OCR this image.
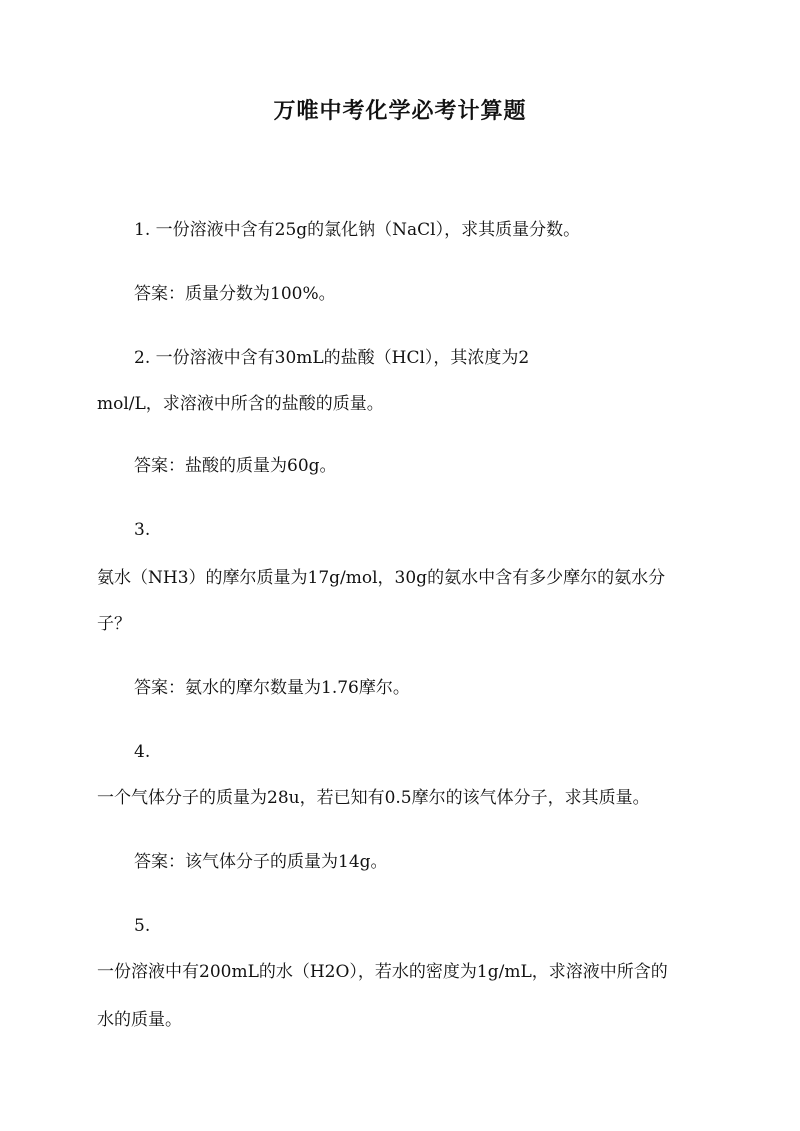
万唯中考化学必考计算题
1. 一份溶液中含有25g的氯化钠（NaCl），求其质量分数。
答案：质量分数为100%。
2. 一份溶液中含有30mL的盐酸（HCl），其浓度为2
mol/L，求溶液中所含的盐酸的质量。
答案：盐酸的质量为60g。
3.
氨水（NH3）的摩尔质量为17g/mol，30g的氨水中含有多少摩尔的氨水分
子？
答案：氨水的摩尔数量为1.76摩尔。
4.
一个气体分子的质量为28u，若已知有0.5摩尔的该气体分子，求其质量。
答案：该气体分子的质量为14g。
5.
一份溶液中有200mL的水（H2O），若水的密度为1g/mL，求溶液中所含的
水的质量。
